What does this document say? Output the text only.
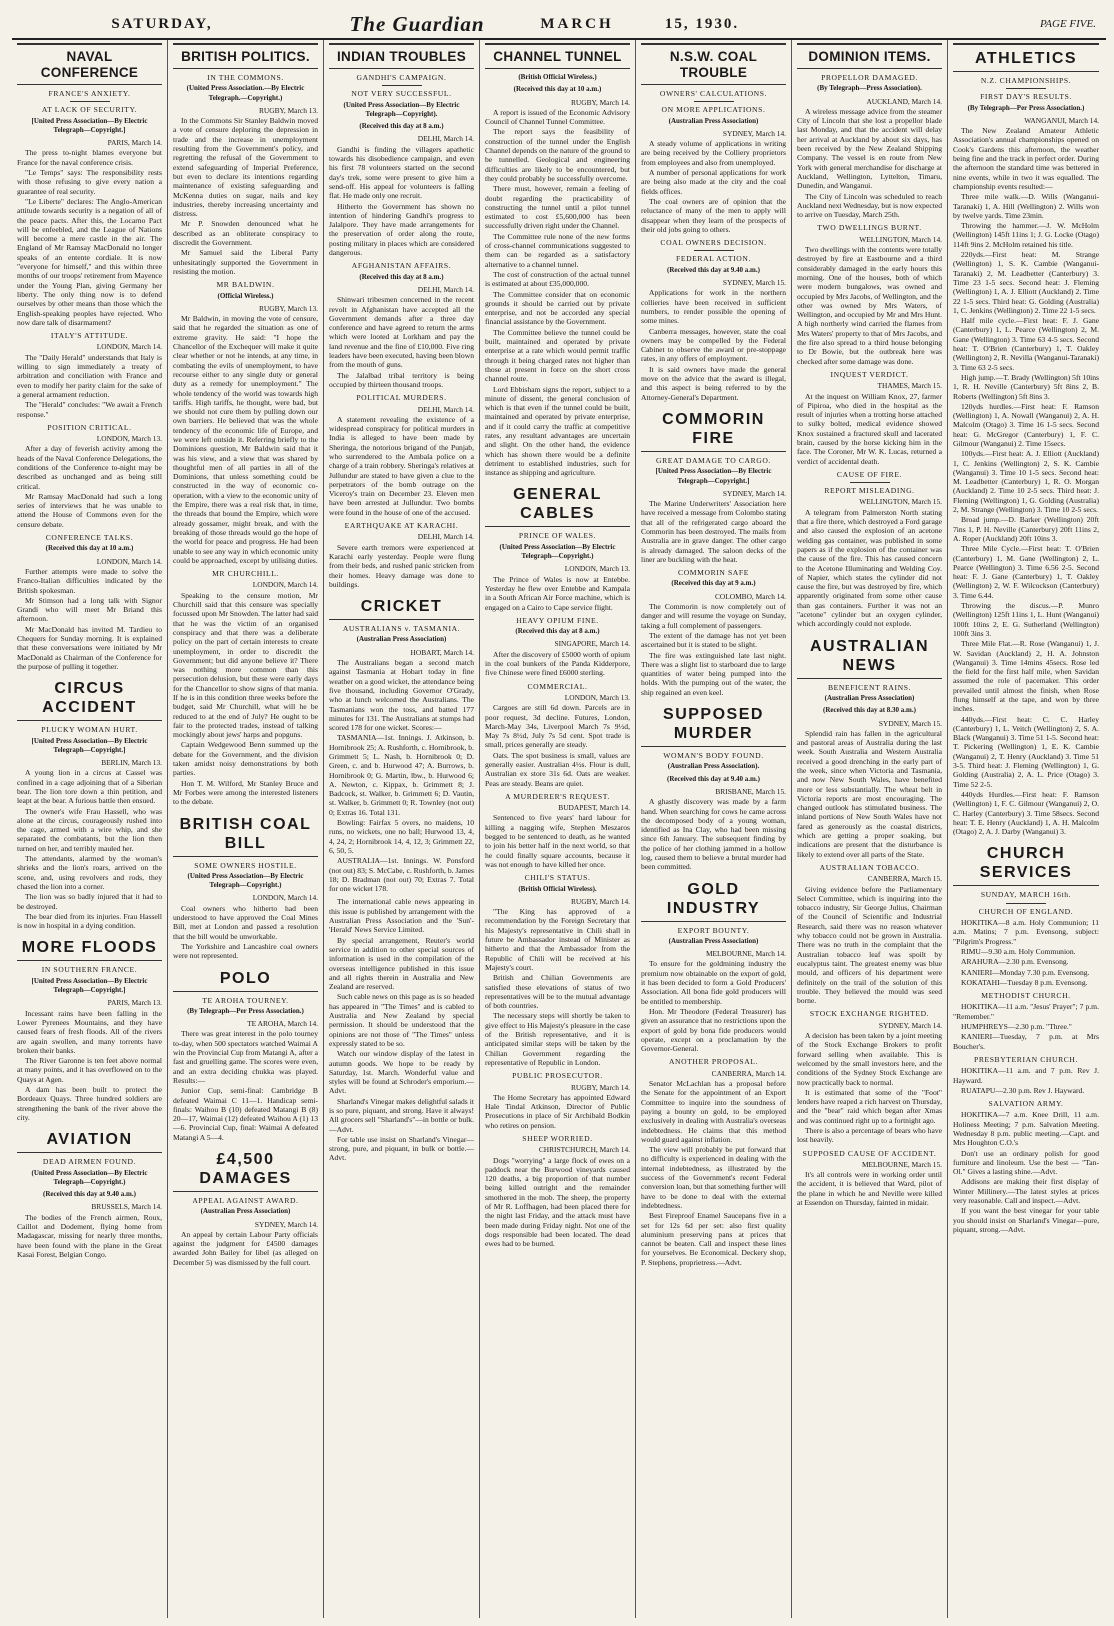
SATURDAY,	The Guardian	MARCH	15, 1930.	PAGE FIVE.
NAVAL CONFERENCE
FRANCE'S ANXIETY.
AT LACK OF SECURITY.
[United Press Association—By Electric Telegraph—Copyright.]
PARIS, March 14.

The press to-night blames everyone but France for the naval conference crisis.

"Le Temps" says: The responsibility rests with those refusing to give every nation a guarantee of real security.

"Le Liberte" declares: The Anglo-American attitude towards security is a negation of all of the peace pacts. After this, the Locarno Pact will be enfeebled, and the League of Nations will become a mere castle in the air. The England of Mr Ramsay MacDonald no longer speaks of an entente cordiale. It is now "everyone for himself," and this within three months of our troops' retirement from Mayence under the Young Plan, giving Germany her liberty. The only thing now is to defend ourselves by other means than those which the English-speaking peoples have rejected. Who now dare talk of disarmament?

ITALY'S ATTITUDE.
LONDON, March 14.

The "Daily Herald" understands that Italy is willing to sign immediately a treaty of arbitration and conciliation with France and even to modify her parity claim for the sake of a general armament reduction.

The "Herald" concludes: "We await a French response."

POSITION CRITICAL.
LONDON, March 13.

After a day of feverish activity among the heads of the Naval Conference Delegations, the conditions of the Conference to-night may be described as unchanged and as being still critical.

Mr Ramsay MacDonald had such a long series of interviews that he was unable to attend the House of Commons even for the censure debate.

CONFERENCE TALKS.
(Received this day at 10 a.m.)
LONDON, March 14.

Further attempts were made to solve the Franco-Italian difficulties indicated by the British spokesman.

Mr Stimson had a long talk with Signor Grandi who will meet Mr Briand this afternoon.

Mr MacDonald has invited M. Tardieu to Chequers for Sunday morning. It is explained that these conversations were initiated by Mr MacDonald as Chairman of the Conference for the purpose of pulling it together.

CIRCUS ACCIDENT
PLUCKY WOMAN HURT.
[United Press Association—By Electric Telegraph—Copyright.]
BERLIN, March 13.

A young lion in a circus at Cassel was confined in a cage adjoining that of a Siberian bear. The lion tore down a thin petition, and leapt at the bear. A furious battle then ensued.

The owner's wife Frau Hassell, who was alone at the circus, courageously rushed into the cage, armed with a wire whip, and she separated the combatants, but the lion then turned on her, and terribly mauled her.

The attendants, alarmed by the woman's shrieks and the lion's roars, arrived on the scene, and, using revolvers and rods, they chased the lion into a corner.

The lion was so badly injured that it had to be destroyed.

The bear died from its injuries. Frau Hassell is now in hospital in a dying condition.

MORE FLOODS
IN SOUTHERN FRANCE.
[United Press Association—By Electric Telegraph—Copyright.]
PARIS, March 13.

Incessant rains have been falling in the Lower Pyrenees Mountains, and they have caused fears of fresh floods. All of the rivers are again swollen, and many torrents have broken their banks.

The River Garonne is ten feet above normal at many points, and it has overflowed on to the Quays at Agen.

A dam has been built to protect the Bordeaux Quays. Three hundred soldiers are strengthening the bank of the river above the city.

AVIATION
DEAD AIRMEN FOUND.
(United Press Association—By Electric Telegraph—Copyright.)
(Received this day at 9.40 a.m.)
BRUSSELS, March 14.

The bodies of the French airmen, Roux, Caillot and Dodement, flying home from Madagascar, missing for nearly three months, have been found with the plane in the Great Kasai Forest, Belgian Congo.

BRITISH POLITICS.
IN THE COMMONS.
(United Press Association.—By Electric Telegraph.—Copyright.)
RUGBY, March 13.

In the Commons Sir Stanley Baldwin moved a vote of censure deploring the depression in trade and the increase in unemployment resulting from the Government's policy, and regretting the refusal of the Government to extend safeguarding of Imperial Preference, but even to declare its intentions regarding maintenance of existing safeguarding and McKenna duties on sugar, nails and key industries, thereby increasing uncertainty and distress.

Mr P. Snowden denounced what he described as an obliterate conspiracy to discredit the Government.

Mr Samuel said the Liberal Party unhesitatingly supported the Government in resisting the motion.

MR BALDWIN.
(Official Wireless.)
RUGBY, March 13.

Mr Baldwin, in moving the vote of censure, said that he regarded the situation as one of extreme gravity. He said: "I hope the Chancellor of the Exchequer will make it quite clear whether or not he intends, at any time, in combating the evils of unemployment, to have recourse either to any single duty or general duty as a remedy for unemployment." The whole tendency of the world was towards high tariffs. High tariffs, he thought, were bad, but we should not cure them by pulling down our own barriers. He believed that was the whole tendency of the economic life of Europe, and we were left outside it. Referring briefly to the Dominions question, Mr Baldwin said that it was his view, and a view that was shared by thoughtful men of all parties in all of the Dominions, that unless something could be constructed in the way of economic co-operation, with a view to the economic unity of the Empire, there was a real risk that, in time, the threads that bound the Empire, which were already gossamer, might break, and with the breaking of those threads would go the hope of the world for peace and progress. He had been unable to see any way in which economic unity could be approached, except by utilising duties.

MR CHURCHILL.
LONDON, March 14.

Speaking to the censure motion, Mr Churchill said that this censure was specially focussed upon Mr Snowden. The latter had said that he was the victim of an organised conspiracy and that there was a deliberate policy on the part of certain interests to create unemployment, in order to discredit the Government; but did anyone believe it? There was nothing more common than this persecution delusion, but these were early days for the Chancellor to show signs of that mania. If he is in this condition three weeks before the budget, said Mr Churchill, what will he be reduced to at the end of July? He ought to be fair to the protected trades, instead of talking mockingly about jews' harps and popguns.

Captain Wedgewood Benn summed up the debate for the Government, and the division taken amidst noisy demonstrations by both parties.

Hon T. M. Wilford, Mr Stanley Bruce and Mr Forbes were among the interested listeners to the debate.

BRITISH COAL BILL
SOME OWNERS HOSTILE.
(United Press Association—By Electric Telegraph—Copyright.)
LONDON, March 14.

Coal owners who hitherto had been understood to have approved the Coal Mines Bill, met at London and passed a resolution that the bill would be unworkable.

The Yorkshire and Lancashire coal owners were not represented.

POLO
TE AROHA TOURNEY.
(By Telegraph—Per Press Association.)
TE AROHA, March 14.

There was great interest in the polo tourney to-day, when 500 spectators watched Waimai A win the Provincial Cup from Matangi A, after a fast and gruelling game. The scores were even, and an extra deciding chukka was played. Results:—

Junior Cup, semi-final: Cambridge B defeated Waimai C 11—1. Handicap semi-finals: Waihou B (10) defeated Matangi B (8) 20—17, Waimai (12) defeated Waihou A (1) 13—6. Provincial Cup, final: Waimai A defeated Matangi A 5—4.

£4,500 DAMAGES
APPEAL AGAINST AWARD.
(Australian Press Association)
SYDNEY, March 14.

An appeal by certain Labour Party officials against the judgment for £4500 damages awarded John Bailey for libel (as alleged on December 5) was dismissed by the full court.

INDIAN TROUBLES
GANDHI'S CAMPAIGN.
NOT VERY SUCCESSFUL.
(United Press Association—By Electric Telegraph—Copyright).
(Received this day at 8 a.m.)
DELHI, March 14.

Gandhi is finding the villagers apathetic towards his disobedience campaign, and even his first 78 volunteers started on the second day's trek, some were present to give him a send-off. His appeal for volunteers is falling flat. He made only one recruit.

Hitherto the Government has shown no intention of hindering Gandhi's progress to Jalalpore. They have made arrangements for the preservation of order along the route, posting military in places which are considered dangerous.

AFGHANISTAN AFFAIRS.
(Received this day at 8 a.m.)
DELHI, March 14.

Shinwari tribesmen concerned in the recent revolt in Afghanistan have accepted all the Government demands after a three day conference and have agreed to return the arms which were looted at Lorkham and pay the land revenue and the fine of £10,000. Five ring leaders have been executed, having been blown from the mouth of guns.

The Jalalbad tribal territory is being occupied by thirteen thousand troops.

POLITICAL MURDERS.
DELHI, March 14.

A statement revealing the existence of a widespread conspiracy for political murders in India is alleged to have been made by Sheringa, the notorious brigand of the Punjab, who surrendered to the Ambala police on a charge of a train robbery. Sheringa's relatives at Jullundur are stated to have given a clue to the perpetrators of the bomb outrage on the Viceroy's train on December 23. Eleven men have been arrested at Jullundur. Two bombs were found in the house of one of the accused.

EARTHQUAKE AT KARACHI.
DELHI, March 14.

Severe earth tremors were experienced at Karachi early yesterday. People were flung from their beds, and rushed panic stricken from their homes. Heavy damage was done to buildings.

CRICKET
AUSTRALIANS v. TASMANIA.
(Australian Press Association)
HOBART, March 14.

The Australians began a second match against Tasmania at Hobart today in fine weather on a good wicket, the attendance being five thousand, including Governor O'Grady, who at lunch welcomed the Australians. The Tasmanians won the toss, and batted 177 minutes for 131. The Australians at stumps had scored 178 for one wicket. Scores:—

TASMANIA—1st. Innings. J. Atkinson, b. Hornibrook 25; A. Rushforth, c. Hornibrook, b. Grimmett 5; L. Nash, b. Hornibrook 0; D. Green, c. and b. Hurwood 47; A. Burrows, b. Hornibrook 0; G. Martin, lbw., b. Hurwood 6; A. Newton, c. Kippax, b. Grimmett 8; J. Badcock, st. Walker, b. Grimmett 6; D. Vautin, st. Walker, b. Grimmett 0; R. Townley (not out) 0; Extras 16. Total 131.

Bowling: Fairfax 5 overs, no maidens, 10 runs, no wickets, one no ball; Hurwood 13, 4, 4, 24, 2; Hornibrook 14, 4, 12, 3; Grimmett 22, 6, 50, 5.

AUSTRALIA—1st. Innings. W. Ponsford (not out) 83; S. McCabe, c. Rushforth, b. James 18; D. Bradman (not out) 70; Extras 7. Total for one wicket 178.

The international cable news appearing in this issue is published by arrangement with the Australian Press Association and the 'Sun'-'Herald' News Service Limited.

By special arrangement, Reuter's world service in addition to other special sources of information is used in the compilation of the overseas intelligence published in this issue and all rights therein in Australia and New Zealand are reserved.

Such cable news on this page as is so headed has appeared in "The Times" and is cabled to Australia and New Zealand by special permission. It should be understood that the opinions are not those of "The Times" unless expressly stated to be so.

Watch our window display of the latest in autumn goods. We hope to be ready by Saturday, 1st. March. Wonderful value and styles will be found at Schroder's emporium.—Advt.

Sharland's Vinegar makes delightful salads it is so pure, piquant, and strong. Have it always! All grocers sell "Sharland's"—in bottle or bulk.—Advt.

For table use insist on Sharland's Vinegar—strong, pure, and piquant, in bulk or bottle.—Advt.

CHANNEL TUNNEL
(British Official Wireless.)
(Received this day at 10 a.m.)
RUGBY, March 14.

A report is issued of the Economic Advisory Council of Channel Tunnel Committee.

The report says the feasibility of construction of the tunnel under the English Channel depends on the nature of the ground to be tunnelled. Geological and engineering difficulties are likely to be encountered, but they could probably be successfully overcome.

There must, however, remain a feeling of doubt regarding the practicability of constructing the tunnel until a pilot tunnel estimated to cost £5,600,000 has been successfully driven right under the Channel.

The Committee rule none of the new forms of cross-channel communications suggested to them can be regarded as a satisfactory alternative to a channel tunnel.

The cost of construction of the actual tunnel is estimated at about £35,000,000.

The Committee consider that on economic grounds it should be carried out by private enterprise, and not be accorded any special financial assistance by the Government.

The Committee believe the tunnel could be built, maintained and operated by private enterprise at a rate which would permit traffic through it being charged rates not higher than those at present in force on the short cross channel route.

Lord Ebbisham signs the report, subject to a minute of dissent, the general conclusion of which is that even if the tunnel could be built, maintained and operated by private enterprise, and if it could carry the traffic at competitive rates, any resultant advantages are uncertain and slight. On the other hand, the evidence which has shown there would be a definite detriment to established industries, such for instance as shipping and agriculture.

GENERAL CABLES
PRINCE OF WALES.
(United Press Association—By Electric Telegraph—Copyright.)
LONDON, March 13.

The Prince of Wales is now at Entebbe. Yesterday he flew over Entebbe and Kampala in a South African Air Force machine, which is engaged on a Cairo to Cape service flight.

HEAVY OPIUM FINE.
(Received this day at 8 a.m.)
SINGAPORE, March 14.

After the discovery of £5000 worth of opium in the coal bunkers of the Panda Kidderpore, five Chinese were fined £6000 sterling.

COMMERCIAL.
LONDON, March 13.

Cargoes are still 6d down. Parcels are in poor request, 3d decline. Futures, London, March-May 34s, Liverpool March 7s 9½d, May 7s 8½d, July 7s 5d cent. Spot trade is small, prices generally are steady.

Oats. The spot business is small, values are generally easier. Australian 4½s. Flour is dull, Australian ex store 31s 6d. Oats are weaker. Peas are steady. Beans are quiet.

A MURDERER'S REQUEST.
BUDAPEST, March 14.

Sentenced to five years' hard labour for killing a nagging wife, Stephen Meszaros begged to be sentenced to death, as he wanted to join his better half in the next world, so that he could finally square accounts, because it was not enough to have killed her once.

CHILI'S STATUS.
(British Official Wireless).
RUGBY, March 14.

"The King has approved of a recommendation by the Foreign Secretary that his Majesty's representative in Chili shall in future be Ambassador instead of Minister as hitherto and that the Ambassador from the Republic of Chili will be received at his Majesty's court.

British and Chilian Governments are satisfied these elevations of status of two representatives will be to the mutual advantage of both countries.

The necessary steps will shortly be taken to give effect to His Majesty's pleasure in the case of the British representative, and it is anticipated similar steps will be taken by the Chilian Government regarding the representative of Republic in London.

PUBLIC PROSECUTOR.
RUGBY, March 14.

The Home Secretary has appointed Edward Hale Tindal Atkinson, Director of Public Prosecutions in place of Sir Archibald Bodkin who retires on pension.

SHEEP WORRIED.
CHRISTCHURCH, March 14.

Dogs "worrying" a large flock of ewes on a paddock near the Burwood vineyards caused 120 deaths, a big proportion of that number being killed outright and the remainder smothered in the mob. The sheep, the property of Mr R. Loffhagen, had been placed there for the night last Friday, and the attack must have been made during Friday night. Not one of the dogs responsible had been located. The dead ewes had to be burned.

N.S.W. COAL TROUBLE
OWNERS' CALCULATIONS.
ON MORE APPLICATIONS.
(Australian Press Association)
SYDNEY, March 14.

A steady volume of applications in writing are being received by the Colliery proprietors from employees and also from unemployed.

A number of personal applications for work are being also made at the city and the coal fields offices.

The coal owners are of opinion that the reluctance of many of the men to apply will disappear when they learn of the prospects of their old jobs going to others.

COAL OWNERS DECISION.
FEDERAL ACTION.
(Received this day at 9.40 a.m.)
SYDNEY, March 15.

Applications for work in the northern collieries have been received in sufficient numbers, to render possible the opening of some mines.

Canberra messages, however, state the coal owners may be compelled by the Federal Cabinet to observe the award or pre-stoppage rates, in any offers of employment.

It is said owners have made the general move on the advice that the award is illegal, and this aspect is being referred to by the Attorney-General's Department.

COMMORIN FIRE
GREAT DAMAGE TO CARGO.
[United Press Association—By Electric Telegraph—Copyright.]
SYDNEY, March 14.

The Marine Underwriters' Association here have received a message from Colombo stating that all of the refrigerated cargo aboard the Commorin has been destroyed. The mails from Australia are in grave danger. The other cargo is already damaged. The saloon decks of the liner are buckling with the heat.

COMMORIN SAFE
(Received this day at 9 a.m.)
COLOMBO, March 14.

The Commorin is now completely out of danger and will resume the voyage on Sunday, taking a full complement of passengers.

The extent of the damage has not yet been ascertained but it is stated to be slight.

The fire was extinguished late last night. There was a slight list to starboard due to large quantities of water being pumped into the holds. With the pumping out of the water, the ship regained an even keel.

SUPPOSED MURDER
WOMAN'S BODY FOUND.
(Australian Press Association).
(Received this day at 9.40 a.m.)
BRISBANE, March 15.

A ghastly discovery was made by a farm hand. When searching for cows he came across the decomposed body of a young woman, identified as Ina Clay, who had been missing since 6th January. The subsequent finding by the police of her clothing jammed in a hollow log, caused them to believe a brutal murder had been committed.

GOLD INDUSTRY
EXPORT BOUNTY.
(Australian Press Association)
MELBOURNE, March 14.

To ensure for the goldmining industry the premium now obtainable on the export of gold, it has been decided to form a Gold Producers' Association. All bona fide gold producers will be entitled to membership.

Hon. Mr Theodore (Federal Treasurer) has given an assurance that no restrictions upon the export of gold by bona fide producers would operate, except on a proclamation by the Governor-General.

ANOTHER PROPOSAL.
CANBERRA, March 14.

Senator McLachlan has a proposal before the Senate for the appointment of an Export Committee to inquire into the soundness of paying a bounty on gold, to be employed exclusively in dealing with Australia's overseas indebtedness. He claims that this method would guard against inflation.

The view will probably be put forward that no difficulty is experienced in dealing with the internal indebtedness, as illustrated by the success of the Government's recent Federal conversion loan, but that something further will have to be done to deal with the external indebtedness.

Best Fireproof Enamel Saucepans five in a set for 12s 6d per set: also first quality aluminium preserving pans at prices that cannot be beaten. Call and inspect these lines for yourselves. Be Economical. Deckery shop, P. Stephens, proprietress.—Advt.

DOMINION ITEMS.
PROPELLOR DAMAGED.
(By Telegraph—Press Association).
AUCKLAND, March 14.

A wireless message advice from the steamer City of Lincoln that she lost a propellor blade last Monday, and that the accident will delay her arrival at Auckland by about six days, has been received by the New Zealand Shipping Company. The vessel is en route from New York with general merchandise for discharge at Auckland, Wellington, Lyttelton, Timaru, Dunedin, and Wanganui.

The City of Lincoln was scheduled to reach Auckland next Wednesday, but is now expected to arrive on Tuesday, March 25th.

TWO DWELLINGS BURNT.
WELLINGTON, March 14.

Two dwellings with the contents were totally destroyed by fire at Eastbourne and a third considerably damaged in the early hours this morning. One of the houses, both of which were modern bungalows, was owned and occupied by Mrs Jacobs, of Wellington, and the other was owned by Mrs Waters, of Wellington, and occupied by Mr and Mrs Hunt. A high northerly wind carried the flames from Mrs Waters' property to that of Mrs Jacobs, and the fire also spread to a third house belonging to Dr Bowie, but the outbreak here was checked after some damage was done.

INQUEST VERDICT.
THAMES, March 15.

At the inquest on William Knox, 27, farmer of Pipiroa, who died in the hospital as the result of injuries when a trotting horse attached to sulky bolted, medical evidence showed Knox sustained a fractured skull and lacerated brain, caused by the horse kicking him in the face. The Coroner, Mr W. K. Lucas, returned a verdict of accidental death.

CAUSE OF FIRE.
REPORT MISLEADING.
WELLINGTON, March 15.

A telegram from Palmerston North stating that a fire there, which destroyed a Ford garage and also caused the explosion of an acetone welding gas container, was published in some papers as if the explosion of the container was the cause of the fire. This has caused concern to the Acetone Illuminating and Welding Coy. of Napier, which states the cylinder did not cause the fire, but was destroyed by fire, which apparently originated from some other cause than gas containers. Further it was not an "acetone" cylinder but an oxygen cylinder, which accordingly could not explode.

AUSTRALIAN NEWS
BENEFICENT RAINS.
(Australian Press Association)
(Received this day at 8.30 a.m.)
SYDNEY, March 15.

Splendid rain has fallen in the agricultural and pastoral areas of Australia during the last week. South Australia and Western Australia received a good drenching in the early part of the week, since when Victoria and Tasmania, and now New South Wales, have benefited more or less substantially. The wheat belt in Victoria reports are most encouraging. The changed outlook has stimulated business. The inland portions of New South Wales have not fared as generously as the coastal districts, which are getting a proper soaking, but indications are present that the disturbance is likely to extend over all parts of the State.

AUSTRALIAN TOBACCO.
CANBERRA, March 15.

Giving evidence before the Parliamentary Select Committee, which is inquiring into the tobacco industry, Sir George Julius, Chairman of the Council of Scientific and Industrial Research, said there was no reason whatever why tobacco could not be grown in Australia. There was no truth in the complaint that the Australian tobacco leaf was spoilt by eucalyptus taint. The greatest enemy was blue mould, and officers of his department were definitely on the trail of the solution of this trouble. They believed the mould was seed borne.

STOCK EXCHANGE RIGHTED.
SYDNEY, March 14.

A decision has been taken by a joint meeting of the Stock Exchange Brokers to profit forward selling when available. This is welcomed by the small investors here, and the conditions of the Sydney Stock Exchange are now practically back to normal.

It is estimated that some of the "Foot" lenders have reaped a rich harvest on Thursday, and the "bear" raid which began after Xmas and was continued right up to a fortnight ago.

There is also a percentage of bears who have lost heavily.

SUPPOSED CAUSE OF ACCIDENT.
MELBOURNE, March 15.

It's all controls were in working order until the accident, it is believed that Ward, pilot of the plane in which he and Neville were killed at Essendon on Thursday, fainted in midair.

ATHLETICS
N.Z. CHAMPIONSHIPS.
FIRST DAY'S RESULTS.
(By Telegraph—Per Press Association.)
WANGANUI, March 14.

The New Zealand Amateur Athletic Association's annual championships opened on Cook's Gardens this afternoon, the weather being fine and the track in perfect order. During the afternoon the standard time was bettered in nine events, while in two it was equalled. The championship events resulted:—

Three mile walk.—D. Wills (Wanganui-Taranaki) 1, A. Hill (Wellington) 2. Wills won by twelve yards. Time 23min.

Throwing the hammer.—J. W. McHolm (Wellington) 145ft 11ins 1; J. G. Locke (Otago) 114ft 9ins 2. McHolm retained his title.

220yds.—First heat: M. Strange (Wellington) 1, S. K. Cambie (Wanganui-Taranaki) 2, M. Leadbetter (Canterbury) 3. Time 23 1-5 secs. Second heat: J. Fleming (Wellington) 1, A. J. Elliott (Auckland) 2. Time 22 1-5 secs. Third heat: G. Golding (Australia) 1, C. Jenkins (Wellington) 2. Time 22 1-5 secs.

Half mile cycle.—First heat: F. J. Gane (Canterbury) 1, L. Pearce (Wellington) 2, M. Gane (Wellington) 3. Time 63 4-5 secs. Second heat: T. O'Brien (Canterbury) 1, T. Oakley (Wellington) 2, R. Nevilla (Wanganui-Taranaki) 3. Time 63 2-5 secs.

High jump.—T. Brady (Wellington) 5ft 10ins 1, R. H. Neville (Canterbury) 5ft 8ins 2, B. Roberts (Wellington) 5ft 8ins 3.

120yds hurdles.—First heat: F. Ramson (Wellington) 1, A. Nowall (Wanganui) 2, A. H. Malcolm (Otago) 3. Time 16 1-5 secs. Second heat: G. McGregor (Canterbury) 1, F. C. Gilmour (Wanganui) 2. Time 15secs.

100yds.—First heat: A. J. Elliott (Auckland) 1, C. Jenkins (Wellington) 2, S. K. Cambie (Wanganui) 3. Time 10 1-5 secs. Second heat: M. Leadbetter (Canterbury) 1, R. O. Morgan (Auckland) 2. Time 10 2-5 secs. Third heat: J. Fleming (Wellington) 1, G. Golding (Australia) 2, M. Strange (Wellington) 3. Time 10 2-5 secs.

Broad jump.—D. Barker (Wellington) 20ft 7ins 1, P. H. Neville (Canterbury) 20ft 11ins 2, A. Roper (Auckland) 20ft 10ins 3.

Three Mile Cycle.—First heat: T. O'Brien (Canterbury) 1, M. Gane (Wellington) 2, L. Pearce (Wellington) 3. Time 6.56 2-5. Second heat: F. J. Gane (Canterbury) 1, T. Oakley (Wellington) 2, W. F. Wilcockson (Canterbury) 3. Time 6.44.

Throwing the discus.—P. Munro (Wellington) 125ft 11ins 1, L. Hunt (Wanganui) 100ft 10ins 2, E. G. Sutherland (Wellington) 100ft 3ins 3.

Three Mile Flat.—R. Rose (Wanganui) 1, J. W. Savidan (Auckland) 2, H. A. Johnston (Wanganui) 3. Time 14mins 45secs. Rose led the field for the first half mile, when Savidan assumed the role of pacemaker. This order prevailed until almost the finish, when Rose flung himself at the tape, and won by three inches.

440yds.—First heat: C. C. Harley (Canterbury) 1, L. Veitch (Wellington) 2, S. A. Black (Wanganui) 3. Time 51 1-5. Second heat: T. Pickering (Wellington) 1, E. K. Cambie (Wanganui) 2, T. Henry (Auckland) 3. Time 51 3-5. Third heat: J. Fleming (Wellington) 1, G. Golding (Australia) 2, A. L. Price (Otago) 3. Time 52 2-5.

440yds Hurdles.—First heat: F. Ramson (Wellington) 1, F. C. Gilmour (Wanganui) 2, O. C. Harley (Canterbury) 3. Time 58secs. Second heat: T. E. Henry (Auckland) 1, A. H. Malcolm (Otago) 2, A. J. Darby (Wanganui) 3.

CHURCH SERVICES
SUNDAY, MARCH 16th.
CHURCH OF ENGLAND.

HOKITIKA—8 a.m. Holy Communion; 11 a.m. Matins; 7 p.m. Evensong, subject: "Pilgrim's Progress."

RIMU—9.30 a.m. Holy Communion.

ARAHURA—2.30 p.m. Evensong.

KANIERI—Monday 7.30 p.m. Evensong.

KOKATAHI—Tuesday 8 p.m. Evensong.

METHODIST CHURCH.

HOKITIKA—11 a.m. "Jesus' Prayer"; 7 p.m. "Remember."

HUMPHREYS—2.30 p.m. "Three."

KANIERI—Tuesday, 7 p.m. at Mrs Boucher's.

PRESBYTERIAN CHURCH.

HOKITIKA—11 a.m. and 7 p.m. Rev J. Hayward.

RUATAPU—2.30 p.m. Rev J. Hayward.

SALVATION ARMY.

HOKITIKA—7 a.m. Knee Drill, 11 a.m. Holiness Meeting; 7 p.m. Salvation Meeting. Wednesday 8 p.m. public meeting.—Capt. and Mrs Houghton C.O.'s

Don't use an ordinary polish for good furniture and linoleum. Use the best — "Tan-Ol." Gives a lasting shine.—Advt.

Addisons are making their first display of Winter Millinery.—The latest styles at prices very reasonable. Call and inspect.—Advt.

If you want the best vinegar for your table you should insist on Sharland's Vinegar—pure, piquant, strong.—Advt.
